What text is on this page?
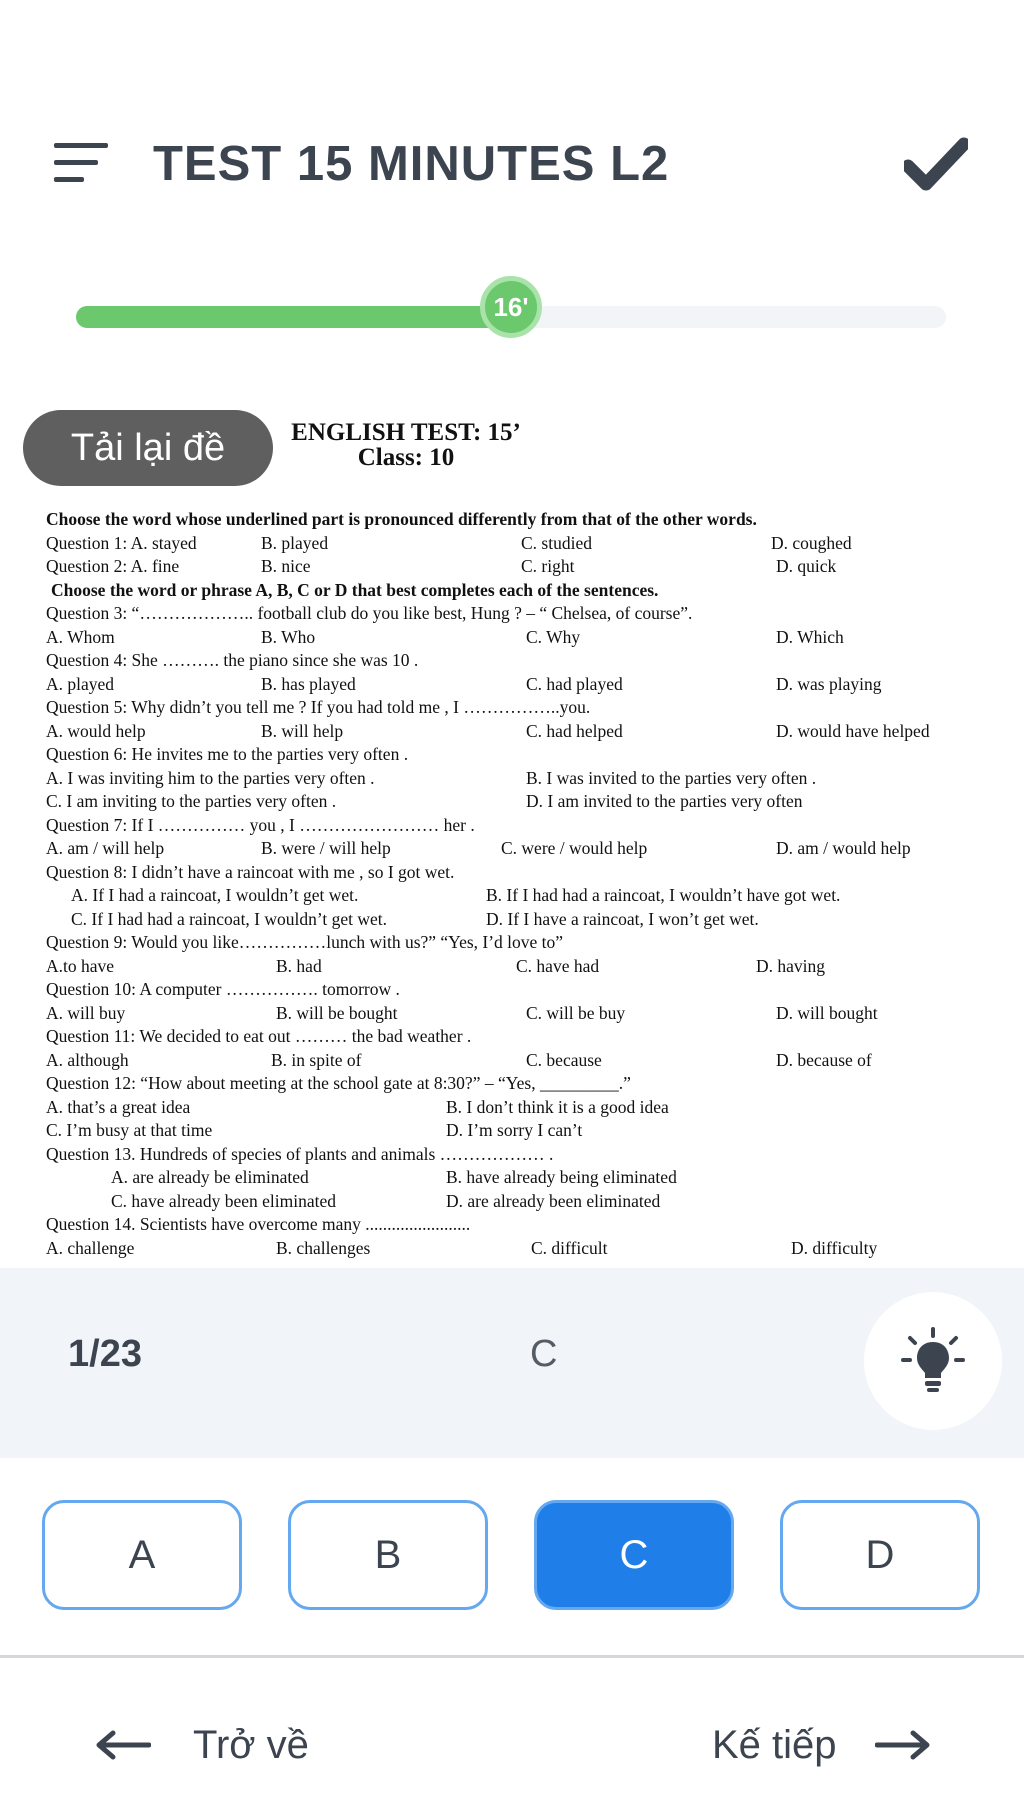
TEST 15 MINUTES L2
16'
Tải lại đề	ENGLISH TEST: 15’
Class: 10
Choose the word whose underlined part is pronounced differently from that of the other words.
Question 1: A. stayed	B. played	C. studied	D. coughed
Question 2: A. fine	B. nice	C. right	D. quick
Choose the word or phrase A, B, C or D that best completes each of the sentences.
Question 3: “……………….. football club do you like best, Hung ? – “ Chelsea, of course”.
A. Whom	B. Who	C. Why	D. Which
Question 4: She ………. the piano since she was 10 .
A. played	B. has played	C. had played	D. was playing
Question 5: Why didn’t you tell me ? If you had told me , I ……………..you.
A. would help	B. will help	C. had helped	D. would have helped
Question 6: He invites me to the parties very often .
A. I was inviting him to the parties very often .	B. I was invited to the parties very often .
C. I am inviting to the parties very often .	D. I am invited to the parties very often
Question 7: If I …………… you , I …………………… her .
A. am / will help	B. were / will help	C. were / would help	D. am / would help
Question 8: I didn’t have a raincoat with me , so I got wet.
A. If I had a raincoat, I wouldn’t get wet.	B. If I had had a raincoat, I wouldn’t have got wet.
C. If I had had a raincoat, I wouldn’t get wet.	D. If I have a raincoat, I won’t get wet.
Question 9: Would you like……………lunch with us?” “Yes, I’d love to”
A.to have	B. had	C. have had	D. having
Question 10: A computer ……………. tomorrow .
A. will buy	B. will be bought	C. will be buy	D. will bought
Question 11: We decided to eat out ……… the bad weather .
A. although	B. in spite of	C. because	D. because of
Question 12: “How about meeting at the school gate at 8:30?” – “Yes, _________.”
A. that’s a great idea	B. I don’t think it is a good idea
C. I’m busy at that time	D. I’m sorry I can’t
Question 13. Hundreds of species of plants and animals ……………… .
A. are already be eliminated	B. have already being eliminated
C. have already been eliminated	D. are already been eliminated
Question 14. Scientists have overcome many ........................
A. challenge	B. challenges	C. difficult	D. difficulty
1/23	C
A	B	C	D
Trở về	Kế tiếp
